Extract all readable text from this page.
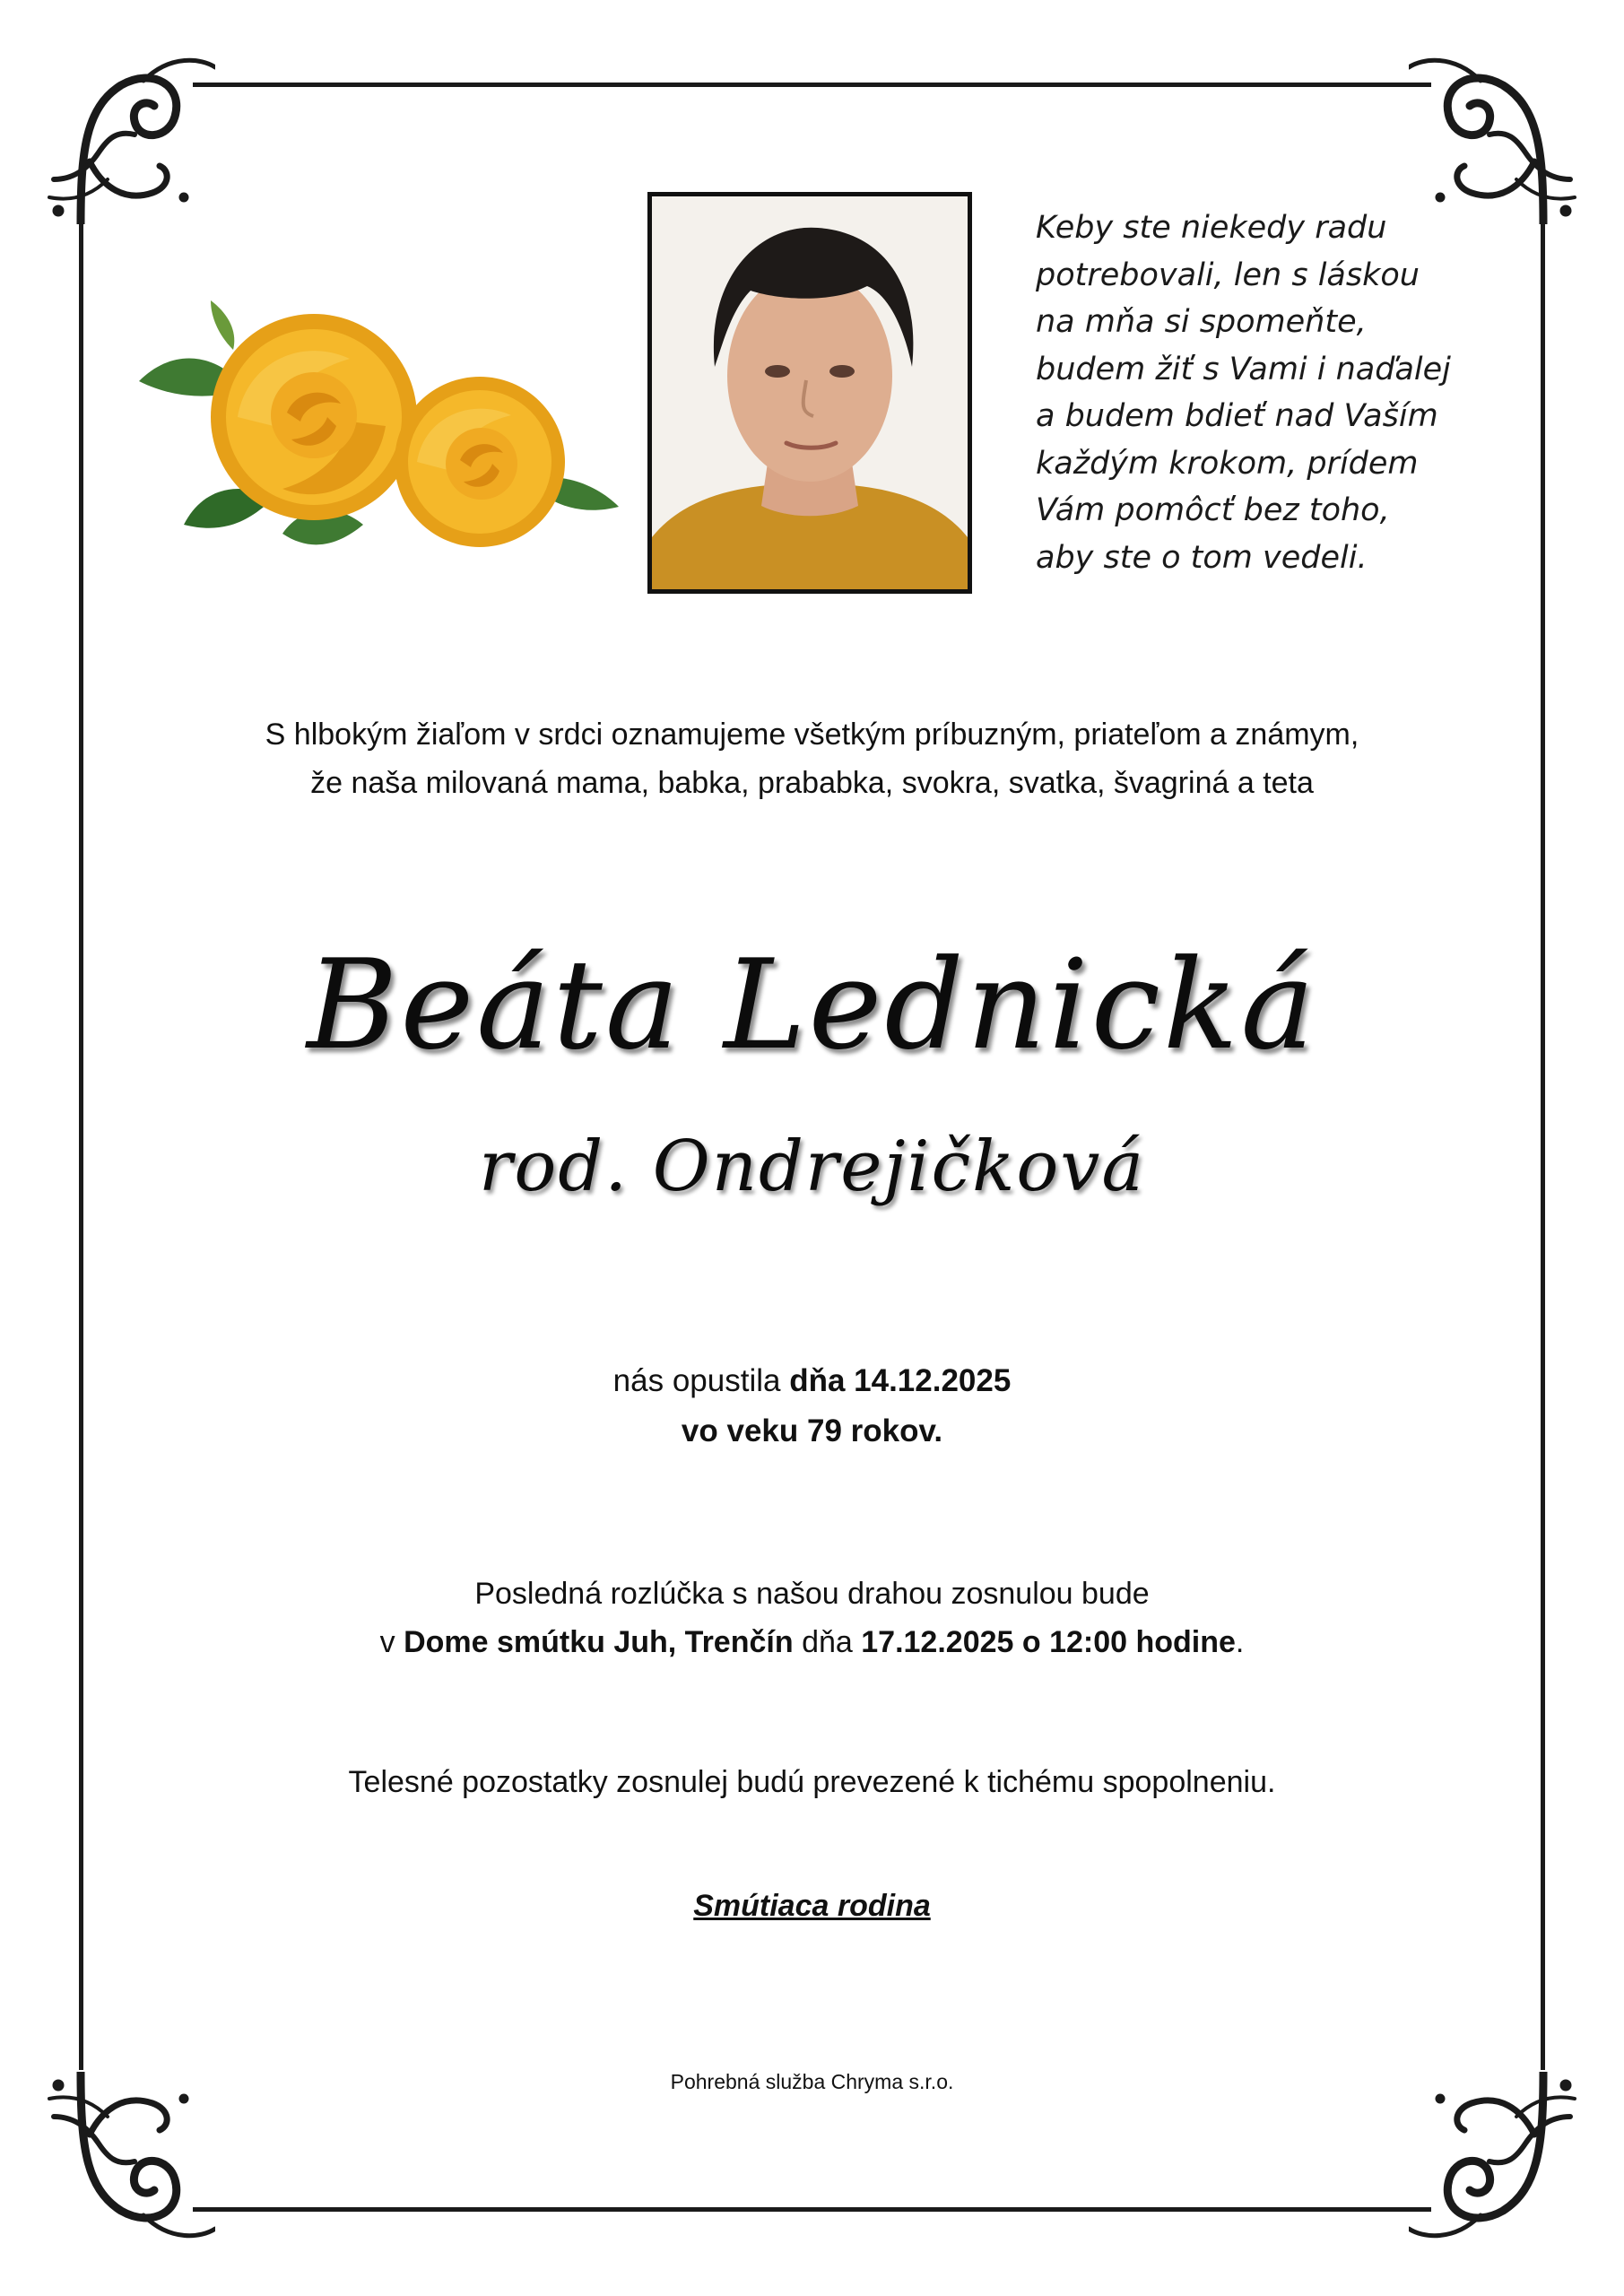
Keby ste niekedy radu
potrebovali, len s láskou
na mňa si spomeňte,
budem žiť s Vami i naďalej
a budem bdieť nad Vaším
každým krokom, prídem
Vám pomôcť bez toho,
aby ste o tom vedeli.
S hlbokým žiaľom v srdci oznamujeme všetkým príbuzným, priateľom a známym,
že naša milovaná mama, babka, prababka, svokra, svatka, švagriná a teta
Beáta Lednická
rod. Ondrejičková
nás opustila dňa 14.12.2025
vo veku 79 rokov.
Posledná rozlúčka s našou drahou zosnulou bude
v Dome smútku Juh, Trenčín dňa 17.12.2025 o 12:00 hodine.
Telesné pozostatky zosnulej budú prevezené k tichému spopolneniu.
Smútiaca rodina
Pohrebná služba Chryma s.r.o.
